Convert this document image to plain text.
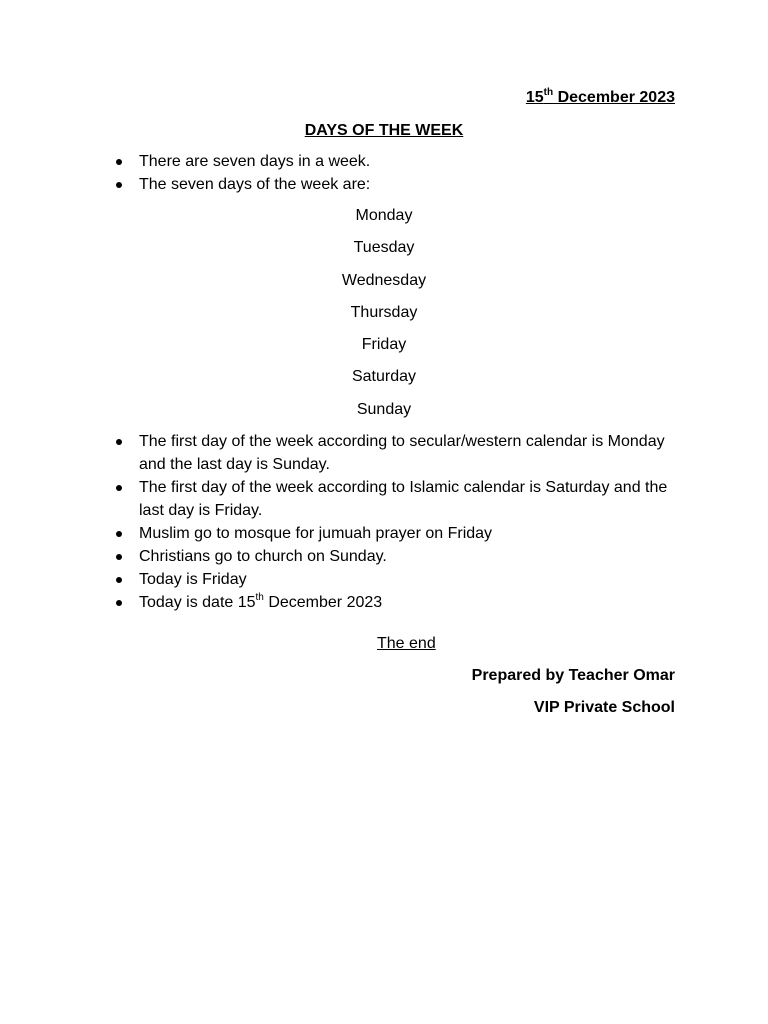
15th December 2023
DAYS OF THE WEEK
There are seven days in a week.
The seven days of the week are:
Monday
Tuesday
Wednesday
Thursday
Friday
Saturday
Sunday
The first day of the week according to secular/western calendar is Monday and the last day is Sunday.
The first day of the week according to Islamic calendar is Saturday and the last day is Friday.
Muslim go to mosque for jumuah prayer on Friday
Christians go to church on Sunday.
Today is Friday
Today is date 15th December 2023
The end
Prepared by Teacher Omar
VIP Private School
